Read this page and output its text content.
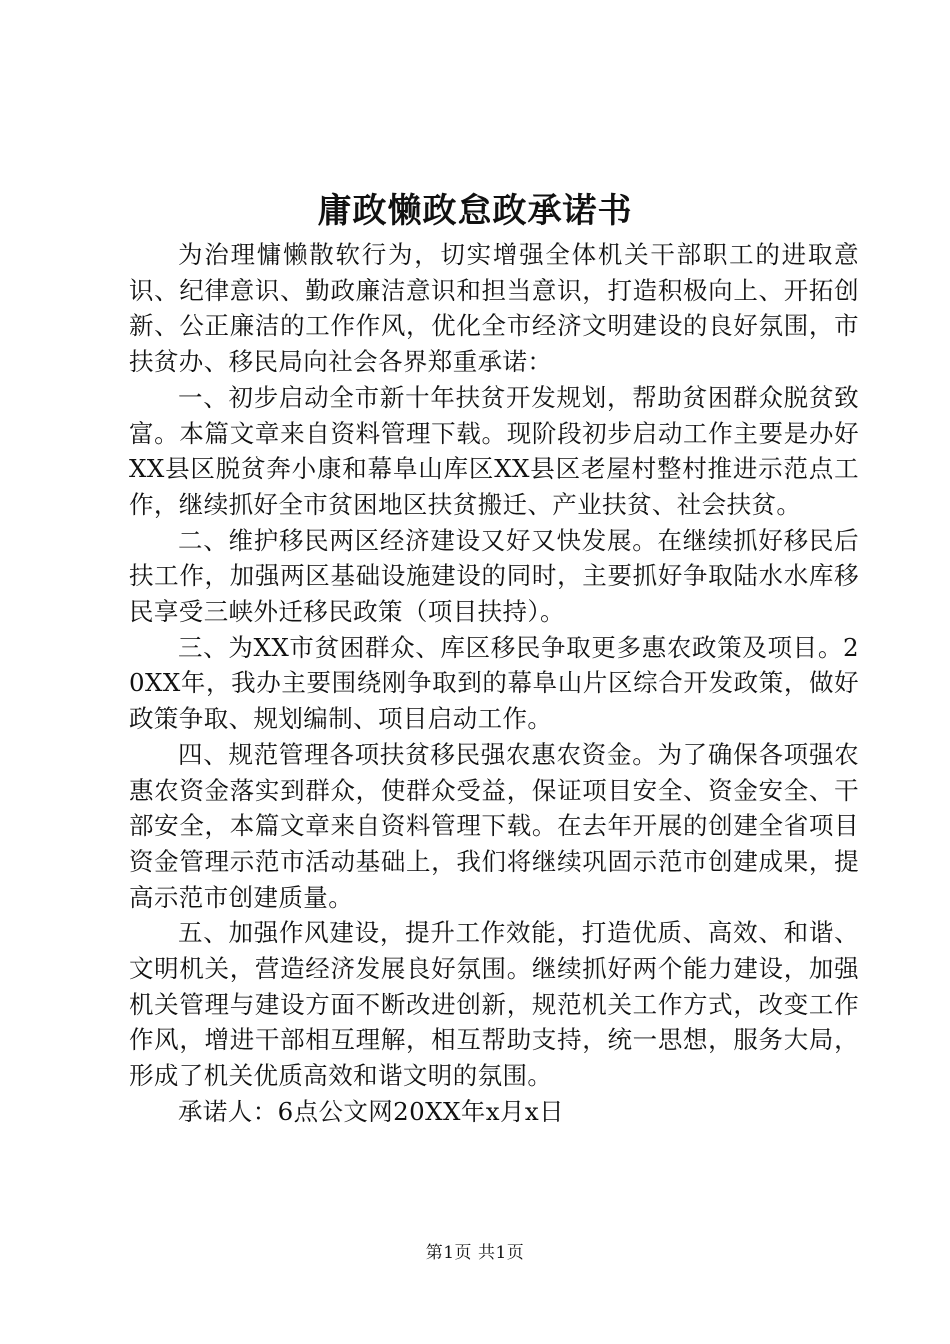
庸政懒政怠政承诺书

为治理慵懒散软行为，切实增强全体机关干部职工的进取意识、纪律意识、勤政廉洁意识和担当意识，打造积极向上、开拓创新、公正廉洁的工作作风，优化全市经济文明建设的良好氛围，市扶贫办、移民局向社会各界郑重承诺：

一、初步启动全市新十年扶贫开发规划，帮助贫困群众脱贫致富。本篇文章来自资料管理下载。现阶段初步启动工作主要是办好XX县区脱贫奔小康和幕阜山库区XX县区老屋村整村推进示范点工作，继续抓好全市贫困地区扶贫搬迁、产业扶贫、社会扶贫。

二、维护移民两区经济建设又好又快发展。在继续抓好移民后扶工作，加强两区基础设施建设的同时，主要抓好争取陆水水库移民享受三峡外迁移民政策（项目扶持）。

三、为XX市贫困群众、库区移民争取更多惠农政策及项目。20XX年，我办主要围绕刚争取到的幕阜山片区综合开发政策，做好政策争取、规划编制、项目启动工作。

四、规范管理各项扶贫移民强农惠农资金。为了确保各项强农惠农资金落实到群众，使群众受益，保证项目安全、资金安全、干部安全，本篇文章来自资料管理下载。在去年开展的创建全省项目资金管理示范市活动基础上，我们将继续巩固示范市创建成果，提高示范市创建质量。

五、加强作风建设，提升工作效能，打造优质、高效、和谐、文明机关，营造经济发展良好氛围。继续抓好两个能力建设，加强机关管理与建设方面不断改进创新，规范机关工作方式，改变工作作风，增进干部相互理解，相互帮助支持，统一思想，服务大局，形成了机关优质高效和谐文明的氛围。

承诺人：6点公文网20XX年x月x日

第1页 共1页
